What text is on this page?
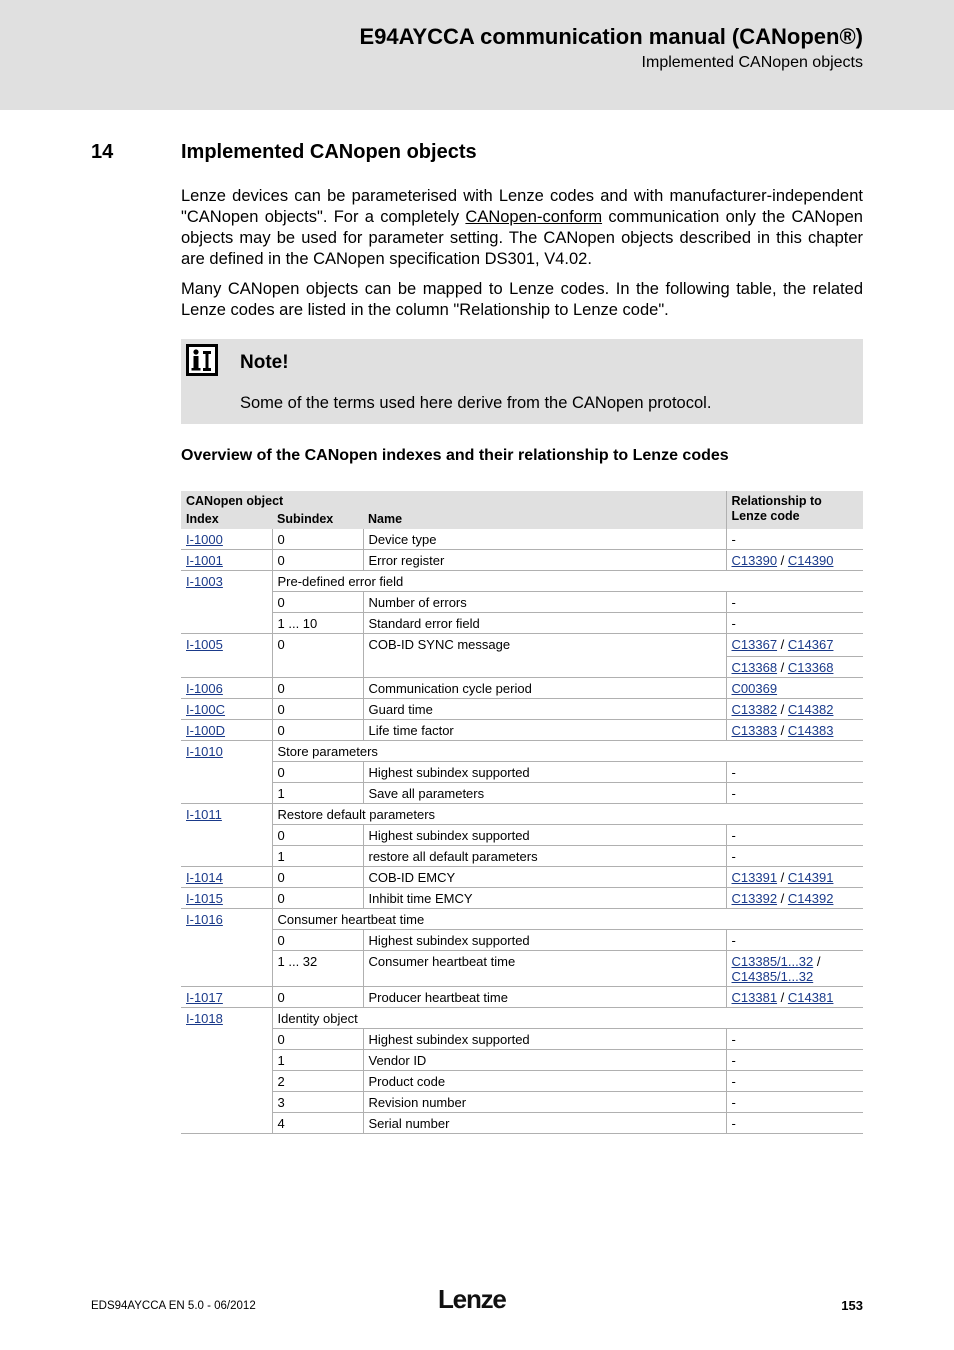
E94AYCCA communication manual (CANopen®)
Implemented CANopen objects
14	Implemented CANopen objects

Lenze devices can be parameterised with Lenze codes and with manufacturer-independent "CANopen objects". For a completely CANopen-conform communication only the CANopen objects may be used for parameter setting. The CANopen objects described in this chapter are defined in the CANopen specification DS301, V4.02.

Many CANopen objects can be mapped to Lenze codes. In the following table, the related Lenze codes are listed in the column "Relationship to Lenze code".

Note!
Some of the terms used here derive from the CANopen protocol.
Overview of the CANopen indexes and their relationship to Lenze codes
CANopen object			Relationship to Lenze code
Index	Subindex	Name	
I-1000	0	Device type	-
I-1001	0	Error register	C13390 / C14390
I-1003	Pre-defined error field		
	0	Number of errors	-
	1 ... 10	Standard error field	-
I-1005	0	COB-ID SYNC message	C13367 / C14367
C13368 / C13368

I-1006	0	Communication cycle period	C00369
I-100C	0	Guard time	C13382 / C14382
I-100D	0	Life time factor	C13383 / C14383
I-1010	Store parameters		
	0	Highest subindex supported	-
	1	Save all parameters	-
I-1011	Restore default parameters		
	0	Highest subindex supported	-
	1	restore all default parameters	-
I-1014	0	COB-ID EMCY	C13391 / C14391
I-1015	0	Inhibit time EMCY	C13392 / C14392
I-1016	Consumer heartbeat time		
	0	Highest subindex supported	-
	1 ... 32	Consumer heartbeat time	C13385/1...32 /
C14385/1...32
I-1017	0	Producer heartbeat time	C13381 / C14381
I-1018	Identity object		
	0	Highest subindex supported	-
	1	Vendor ID	-
	2	Product code	-
	3	Revision number	-
	4	Serial number	-
EDS94AYCCA EN 5.0 - 06/2012	Lenze	153
